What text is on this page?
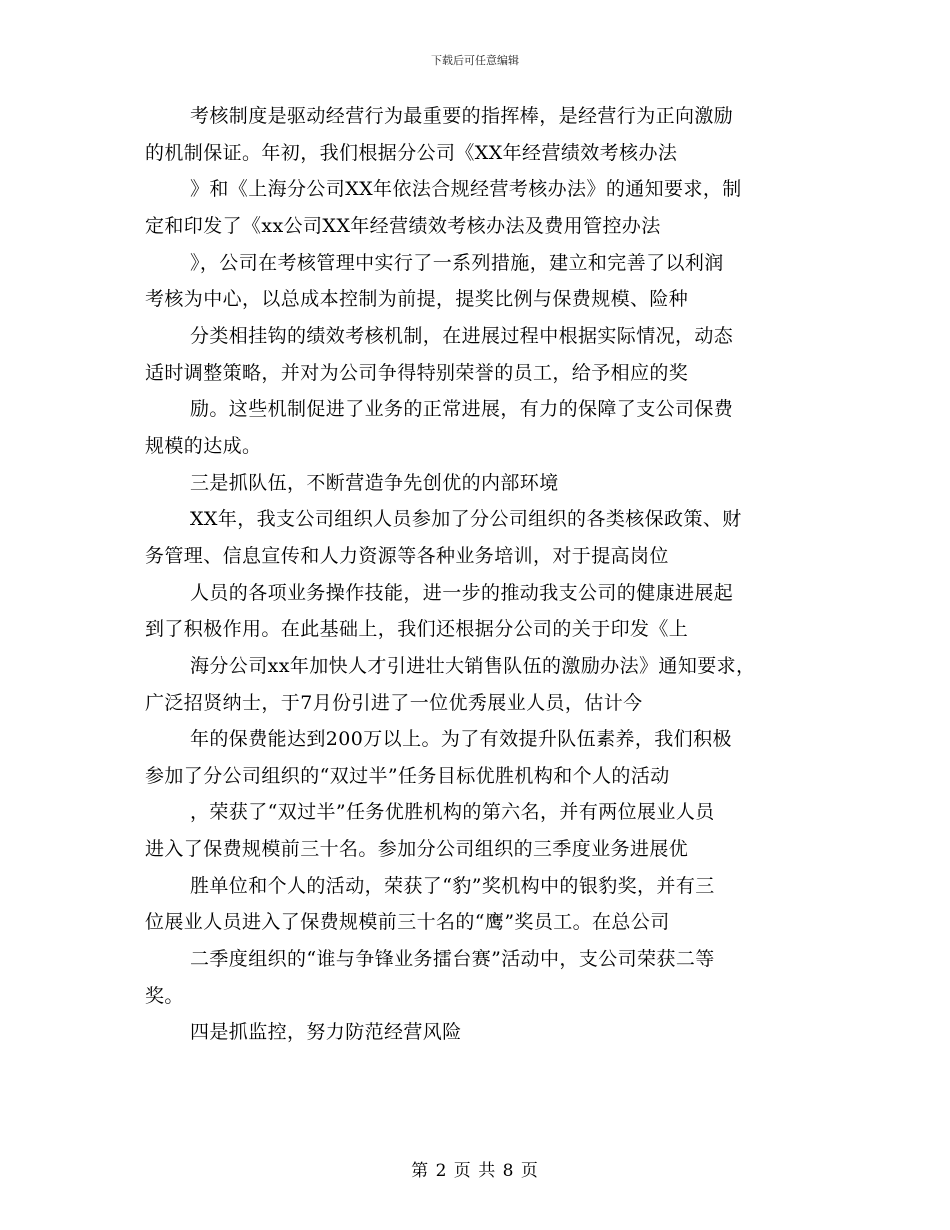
下载后可任意编辑
考核制度是驱动经营行为最重要的指挥棒，是经营行为正向激励
的机制保证。年初，我们根据分公司《XX年经营绩效考核办法
》和《上海分公司XX年依法合规经营考核办法》的通知要求，制
定和印发了《xx公司XX年经营绩效考核办法及费用管控办法
》，公司在考核管理中实行了一系列措施，建立和完善了以利润
考核为中心，以总成本控制为前提，提奖比例与保费规模、险种
分类相挂钩的绩效考核机制，在进展过程中根据实际情况，动态
适时调整策略，并对为公司争得特别荣誉的员工，给予相应的奖
励。这些机制促进了业务的正常进展，有力的保障了支公司保费
规模的达成。
三是抓队伍，不断营造争先创优的内部环境
XX年，我支公司组织人员参加了分公司组织的各类核保政策、财
务管理、信息宣传和人力资源等各种业务培训，对于提高岗位
人员的各项业务操作技能，进一步的推动我支公司的健康进展起
到了积极作用。在此基础上，我们还根据分公司的关于印发《上
海分公司xx年加快人才引进壮大销售队伍的激励办法》通知要求，
广泛招贤纳士，于7月份引进了一位优秀展业人员，估计今
年的保费能达到200万以上。为了有效提升队伍素养，我们积极
参加了分公司组织的“双过半”任务目标优胜机构和个人的活动
，荣获了“双过半”任务优胜机构的第六名，并有两位展业人员
进入了保费规模前三十名。参加分公司组织的三季度业务进展优
胜单位和个人的活动，荣获了“豹”奖机构中的银豹奖，并有三
位展业人员进入了保费规模前三十名的“鹰”奖员工。在总公司
二季度组织的“谁与争锋业务擂台赛”活动中，支公司荣获二等
奖。
四是抓监控，努力防范经营风险
第 2 页 共 8 页
